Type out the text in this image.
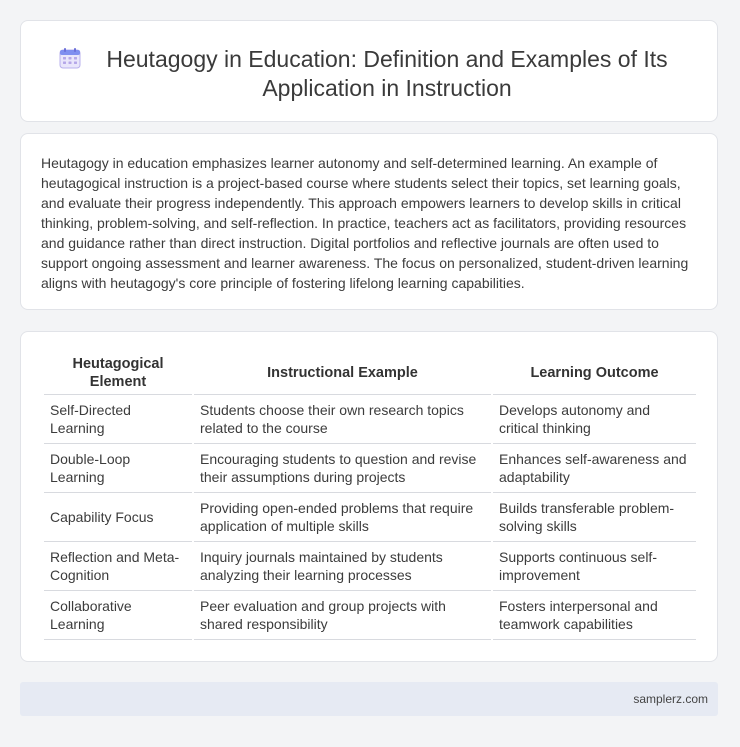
Heutagogy in Education: Definition and Examples of Its Application in Instruction

Heutagogy in education emphasizes learner autonomy and self-determined learning. An example of heutagogical instruction is a project-based course where students select their topics, set learning goals, and evaluate their progress independently. This approach empowers learners to develop skills in critical thinking, problem-solving, and self-reflection. In practice, teachers act as facilitators, providing resources and guidance rather than direct instruction. Digital portfolios and reflective journals are often used to support ongoing assessment and learner awareness. The focus on personalized, student-driven learning aligns with heutagogy's core principle of fostering lifelong learning capabilities.

Heutagogical Element	Instructional Example	Learning Outcome
Self-Directed Learning	Students choose their own research topics related to the course	Develops autonomy and critical thinking
Double-Loop Learning	Encouraging students to question and revise their assumptions during projects	Enhances self-awareness and adaptability
Capability Focus	Providing open-ended problems that require application of multiple skills	Builds transferable problem-solving skills
Reflection and Meta-Cognition	Inquiry journals maintained by students analyzing their learning processes	Supports continuous self-improvement
Collaborative Learning	Peer evaluation and group projects with shared responsibility	Fosters interpersonal and teamwork capabilities
samplerz.com
